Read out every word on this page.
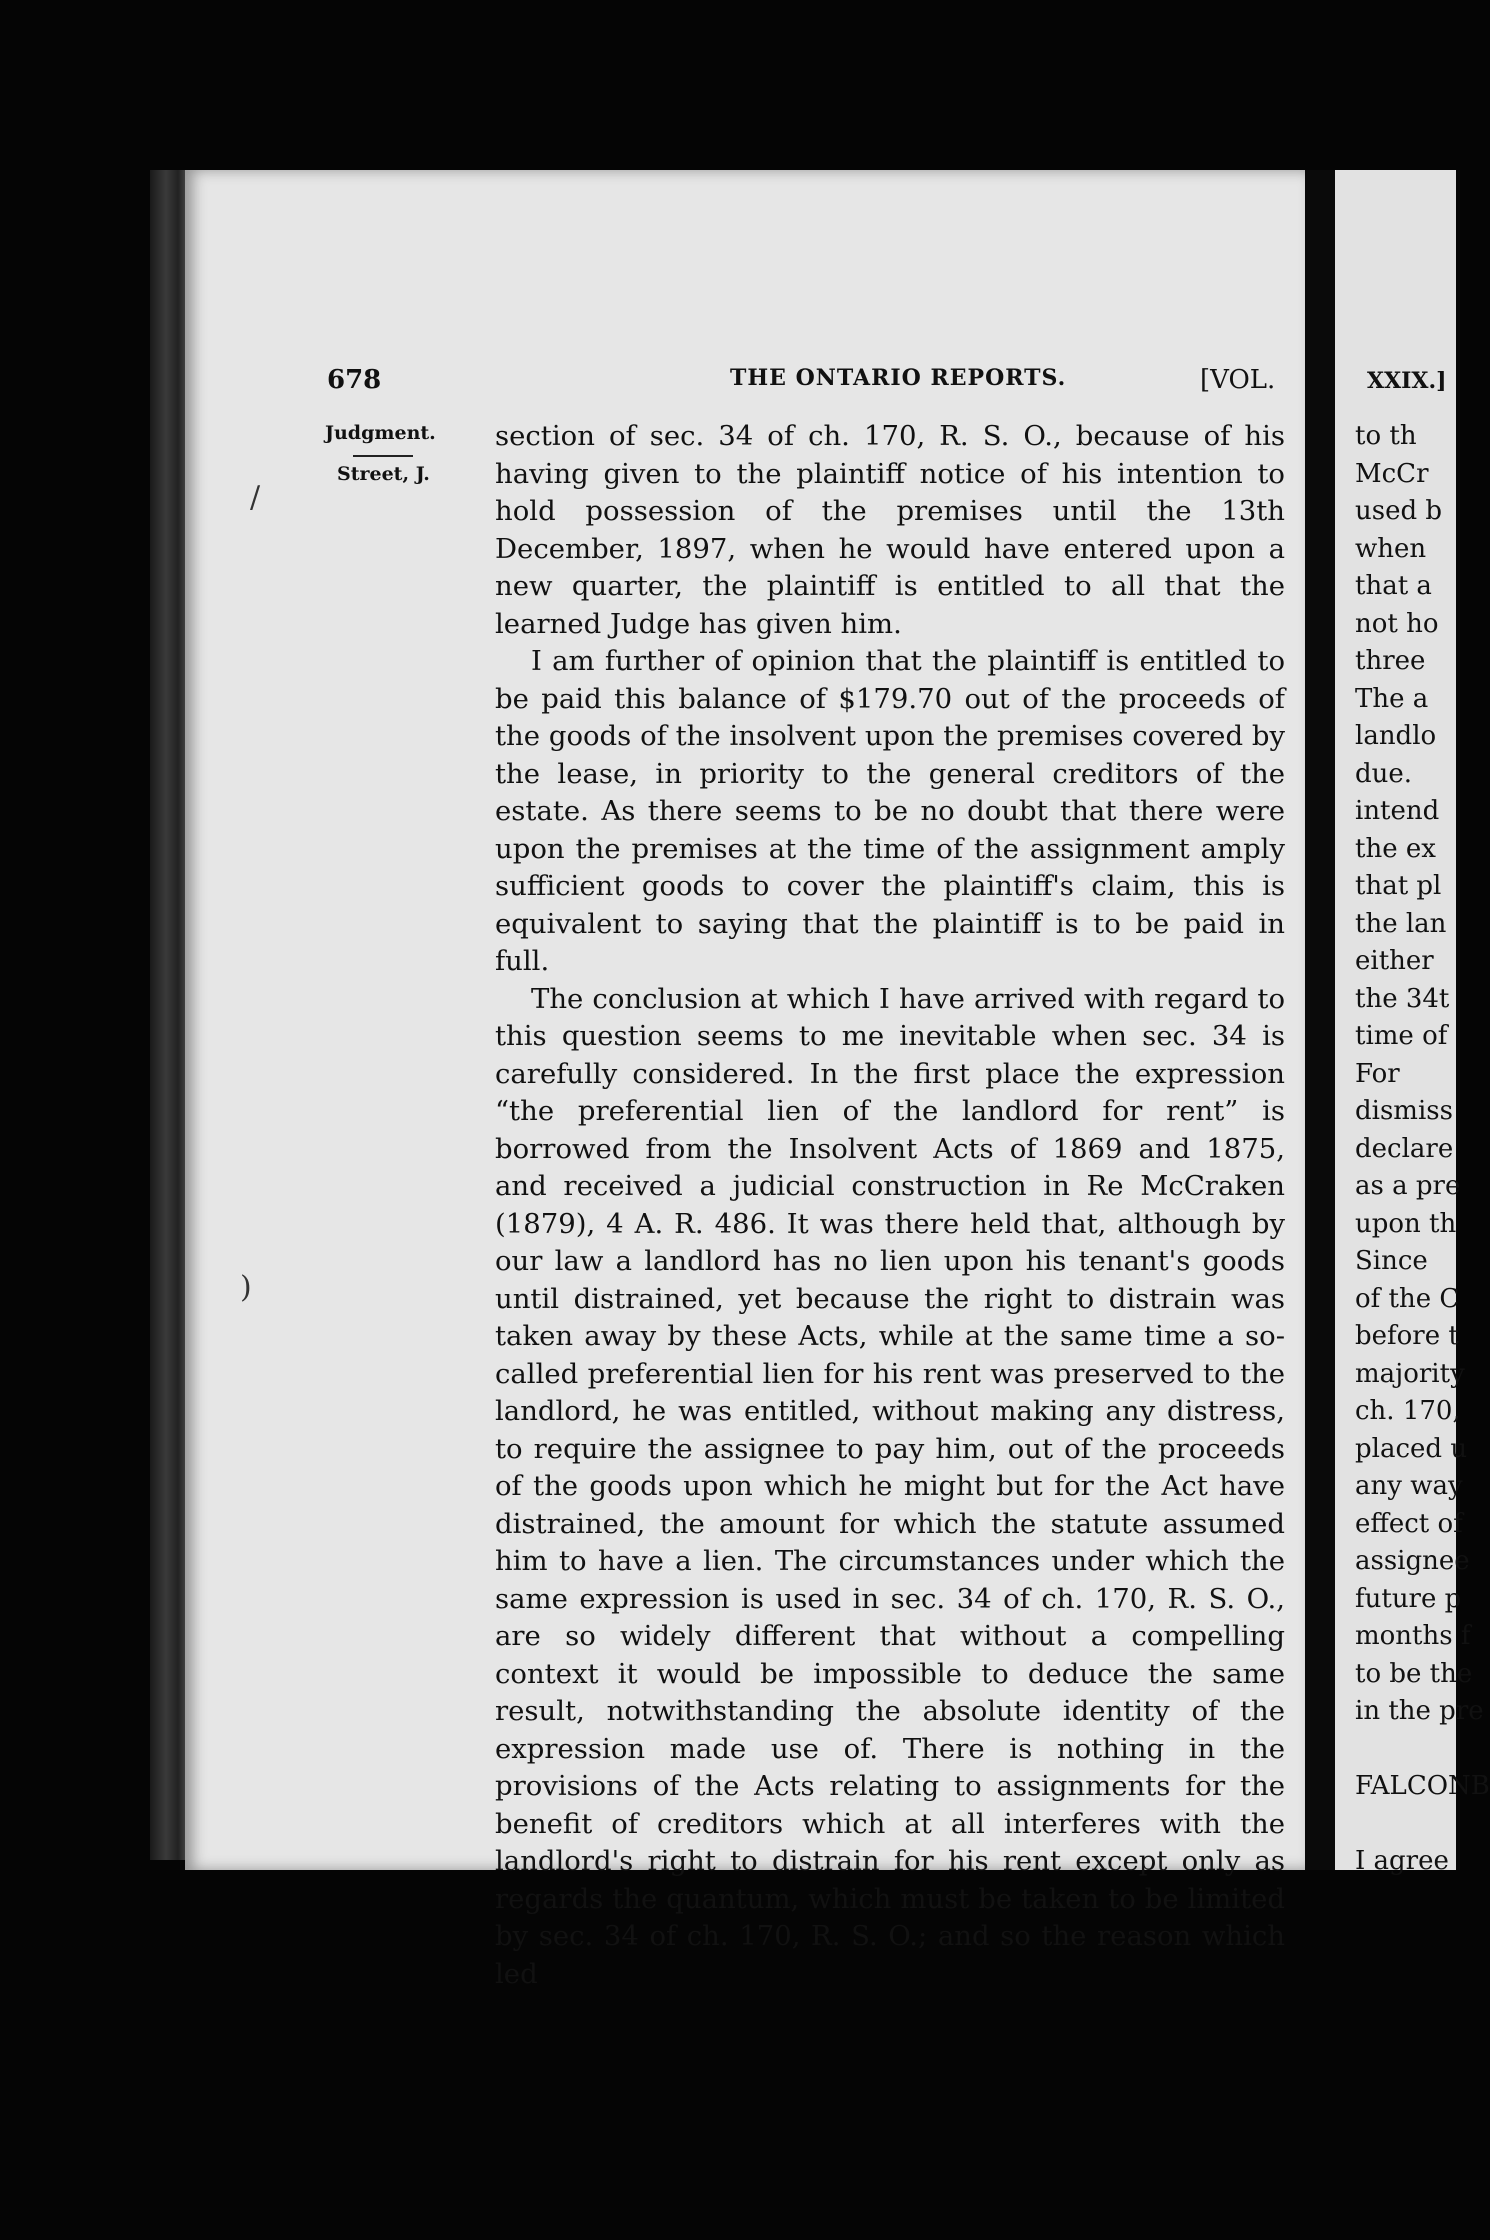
678	THE ONTARIO REPORTS.	[VOL.
Judgment.
Street, J.

section of sec. 34 of ch. 170, R. S. O., because of his having given to the plaintiff notice of his intention to hold possession of the premises until the 13th December, 1897, when he would have entered upon a new quarter, the plaintiff is entitled to all that the learned Judge has given him.

I am further of opinion that the plaintiff is entitled to be paid this balance of $179.70 out of the proceeds of the goods of the insolvent upon the premises covered by the lease, in priority to the general creditors of the estate. As there seems to be no doubt that there were upon the premises at the time of the assignment amply sufficient goods to cover the plaintiff's claim, this is equivalent to saying that the plaintiff is to be paid in full.

The conclusion at which I have arrived with regard to this question seems to me inevitable when sec. 34 is carefully considered. In the first place the expression “the preferential lien of the landlord for rent” is borrowed from the Insolvent Acts of 1869 and 1875, and received a judicial construction in Re McCraken (1879), 4 A. R. 486. It was there held that, although by our law a landlord has no lien upon his tenant's goods until distrained, yet because the right to distrain was taken away by these Acts, while at the same time a so-called preferential lien for his rent was preserved to the landlord, he was entitled, without making any distress, to require the assignee to pay him, out of the proceeds of the goods upon which he might but for the Act have distrained, the amount for which the statute assumed him to have a lien. The circumstances under which the same expression is used in sec. 34 of ch. 170, R. S. O., are so widely different that without a compelling context it would be impossible to deduce the same result, notwithstanding the absolute identity of the expression made use of. There is nothing in the provisions of the Acts relating to assignments for the benefit of creditors which at all interferes with the landlord's right to distrain for his rent except only as regards the quantum, which must be taken to be limited by sec. 34 of ch. 170, R. S. O.; and so the reason which led

/
)
XXIX.]
to th
McCr
used b
when
that a
not ho
three
The a
landlo
due.
intend
the ex
that pl
the lan
either
the 34t
time of
For
dismiss
declare
as a pre
upon th
Since
of the C
before t
majority
ch. 170,
placed u
any way
effect of
assignee
future p
months f
to be the
in the pre
FALCONB
I agree
